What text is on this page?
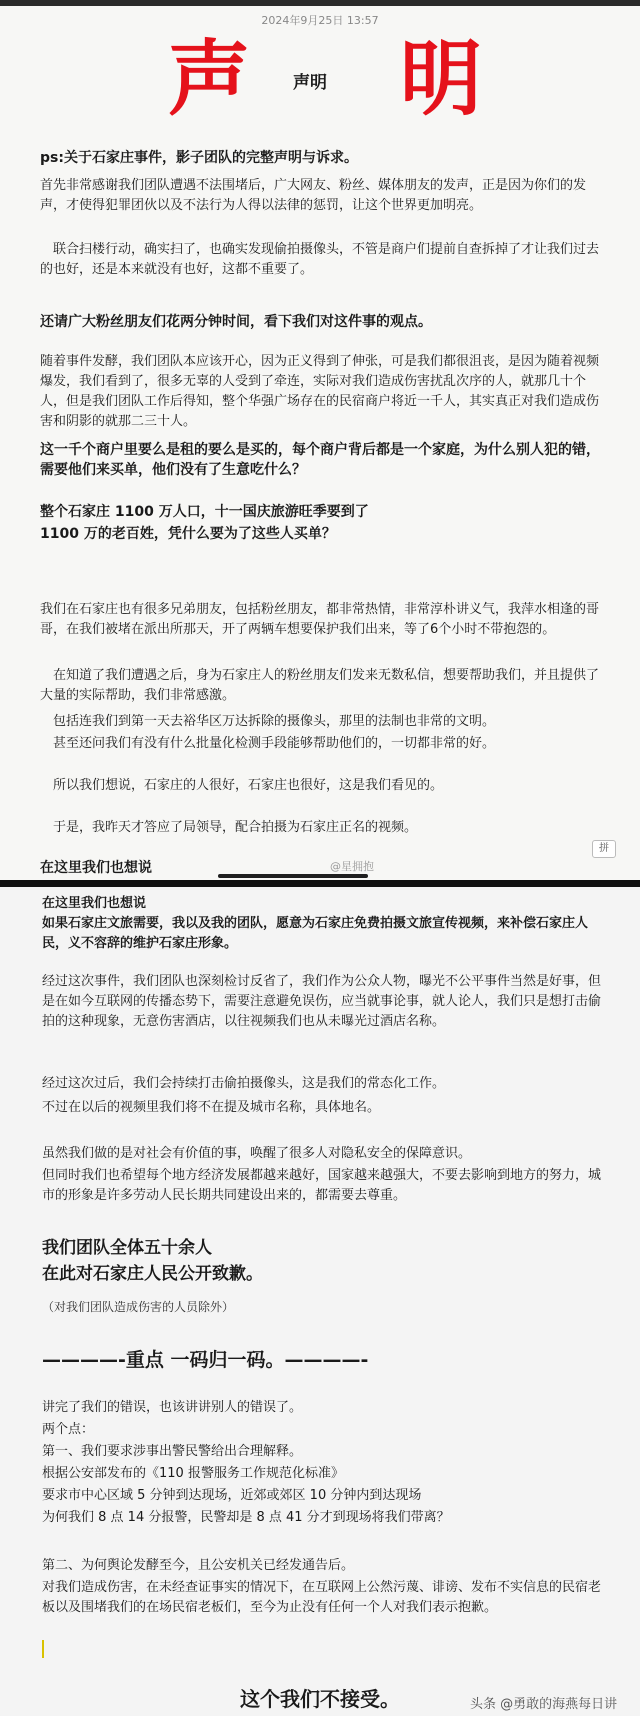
2024年9月25日 13:57
声	声明 明

ps:关于石家庄事件，影子团队的完整声明与诉求。

首先非常感谢我们团队遭遇不法围堵后，广大网友、粉丝、媒体朋友的发声，正是因为你们的发声，才使得犯罪团伙以及不法行为人得以法律的惩罚，让这个世界更加明亮。

联合扫楼行动，确实扫了，也确实发现偷拍摄像头，不管是商户们提前自查拆掉了才让我们过去的也好，还是本来就没有也好，这都不重要了。

还请广大粉丝朋友们花两分钟时间，看下我们对这件事的观点。

随着事件发酵，我们团队本应该开心，因为正义得到了伸张，可是我们都很沮丧，是因为随着视频爆发，我们看到了，很多无辜的人受到了牵连，实际对我们造成伤害扰乱次序的人，就那几十个人，但是我们团队工作后得知，整个华强广场存在的民宿商户将近一千人，其实真正对我们造成伤害和阴影的就那二三十人。

这一千个商户里要么是租的要么是买的，每个商户背后都是一个家庭，为什么别人犯的错，需要他们来买单，他们没有了生意吃什么？

整个石家庄 1100 万人口，十一国庆旅游旺季要到了

1100 万的老百姓，凭什么要为了这些人买单？

我们在石家庄也有很多兄弟朋友，包括粉丝朋友，都非常热情，非常淳朴讲义气，我萍水相逢的哥哥，在我们被堵在派出所那天，开了两辆车想要保护我们出来，等了6个小时不带抱怨的。

在知道了我们遭遇之后，身为石家庄人的粉丝朋友们发来无数私信，想要帮助我们，并且提供了大量的实际帮助，我们非常感激。

包括连我们到第一天去裕华区万达拆除的摄像头，那里的法制也非常的文明。

甚至还问我们有没有什么批量化检测手段能够帮助他们的，一切都非常的好。

所以我们想说，石家庄的人很好，石家庄也很好，这是我们看见的。

于是，我昨天才答应了局领导，配合拍摄为石家庄正名的视频。

在这里我们也想说	@星拥抱
拼

在这里我们也想说

如果石家庄文旅需要，我以及我的团队，愿意为石家庄免费拍摄文旅宣传视频，来补偿石家庄人民，义不容辞的维护石家庄形象。

经过这次事件，我们团队也深刻检讨反省了，我们作为公众人物，曝光不公平事件当然是好事，但是在如今互联网的传播态势下，需要注意避免误伤，应当就事论事，就人论人，我们只是想打击偷拍的这种现象，无意伤害酒店，以往视频我们也从未曝光过酒店名称。

经过这次过后，我们会持续打击偷拍摄像头，这是我们的常态化工作。

不过在以后的视频里我们将不在提及城市名称，具体地名。

虽然我们做的是对社会有价值的事，唤醒了很多人对隐私安全的保障意识。

但同时我们也希望每个地方经济发展都越来越好，国家越来越强大，不要去影响到地方的努力，城市的形象是许多劳动人民长期共同建设出来的，都需要去尊重。

我们团队全体五十余人

在此对石家庄人民公开致歉。

（对我们团队造成伤害的人员除外）

————-重点 一码归一码。————-

讲完了我们的错误，也该讲讲别人的错误了。

两个点：

第一、我们要求涉事出警民警给出合理解释。

根据公安部发布的《110 报警服务工作规范化标准》

要求市中心区域 5 分钟到达现场，近郊或郊区 10 分钟内到达现场

为何我们 8 点 14 分报警，民警却是 8 点 41 分才到现场将我们带离？

第二、为何舆论发酵至今，且公安机关已经发通告后。

对我们造成伤害，在未经查证事实的情况下，在互联网上公然污蔑、诽谤、发布不实信息的民宿老板以及围堵我们的在场民宿老板们，至今为止没有任何一个人对我们表示抱歉。

这个我们不接受。	头条 @勇敢的海燕每日讲
